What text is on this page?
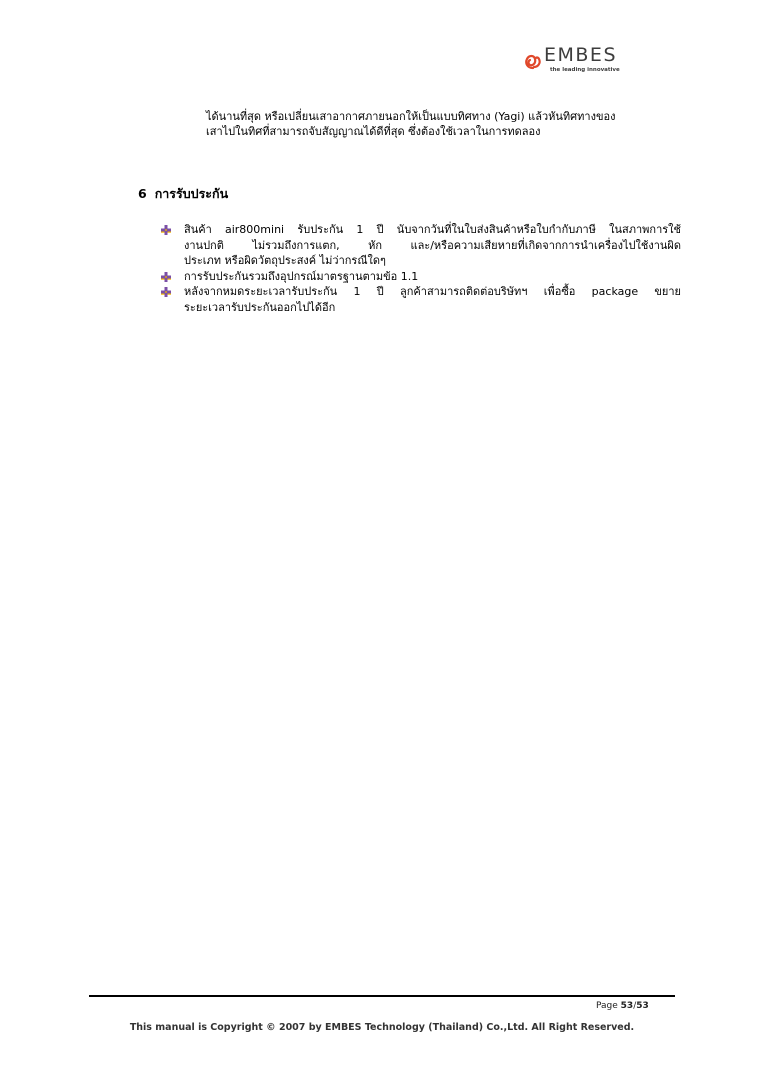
EMBES
the leading innovative

ได้นานที่สุด หรือเปลี่ยนเสาอากาศภายนอกให้เป็นแบบทิศทาง (Yagi) แล้วหันทิศทางของ

เสาไปในทิศที่สามารถจับสัญญาณได้ดีที่สุด ซึ่งต้องใช้เวลาในการทดลอง

6 การรับประกัน
สินค้า air800mini รับประกัน 1 ปี นับจากวันที่ในใบส่งสินค้าหรือใบกำกับภาษี ในสภาพการใช้
งานปกติ ไม่รวมถึงการแตก, หัก และ/หรือความเสียหายที่เกิดจากการนำเครื่องไปใช้งานผิด
ประเภท หรือผิดวัตถุประสงค์ ไม่ว่ากรณีใดๆ
การรับประกันรวมถึงอุปกรณ์มาตรฐานตามข้อ 1.1
หลังจากหมดระยะเวลารับประกัน 1 ปี ลูกค้าสามารถติดต่อบริษัทฯ เพื่อซื้อ package ขยาย
ระยะเวลารับประกันออกไปได้อีก
Page 53/53
This manual is Copyright © 2007 by EMBES Technology (Thailand) Co.,Ltd. All Right Reserved.
